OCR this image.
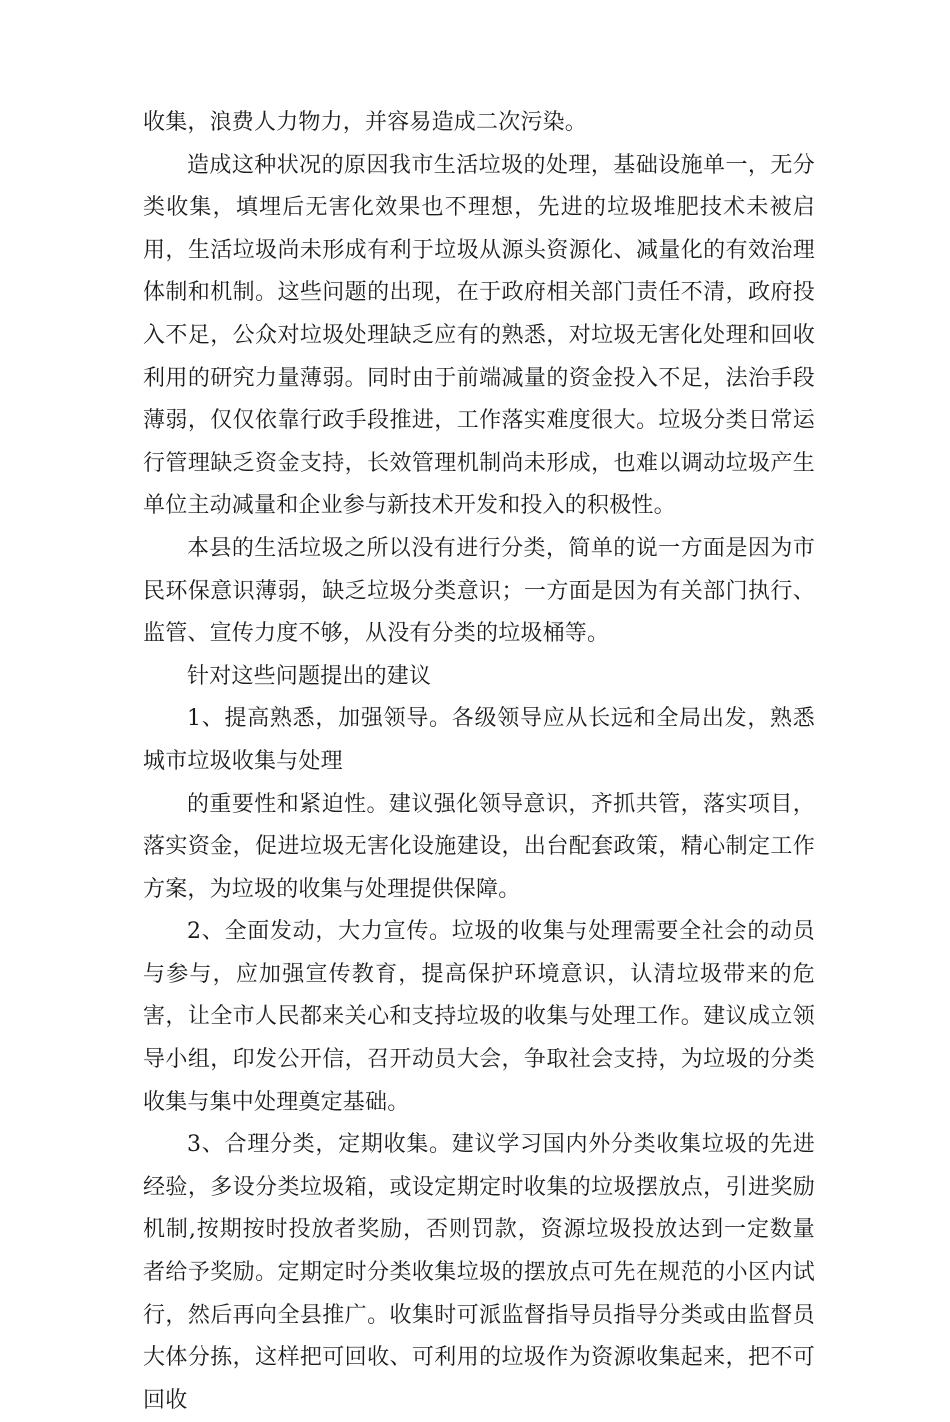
收集，浪费人力物力，并容易造成二次污染。

造成这种状况的原因我市生活垃圾的处理，基础设施单一，无分类收集，填埋后无害化效果也不理想，先进的垃圾堆肥技术未被启用，生活垃圾尚未形成有利于垃圾从源头资源化、减量化的有效治理体制和机制。这些问题的出现，在于政府相关部门责任不清，政府投入不足，公众对垃圾处理缺乏应有的熟悉，对垃圾无害化处理和回收利用的研究力量薄弱。同时由于前端减量的资金投入不足，法治手段薄弱，仅仅依靠行政手段推进，工作落实难度很大。垃圾分类日常运行管理缺乏资金支持，长效管理机制尚未形成，也难以调动垃圾产生单位主动减量和企业参与新技术开发和投入的积极性。

本县的生活垃圾之所以没有进行分类，简单的说一方面是因为市民环保意识薄弱，缺乏垃圾分类意识；一方面是因为有关部门执行、监管、宣传力度不够，从没有分类的垃圾桶等。

针对这些问题提出的建议

1、提高熟悉，加强领导。各级领导应从长远和全局出发，熟悉城市垃圾收集与处理

的重要性和紧迫性。建议强化领导意识，齐抓共管，落实项目，落实资金，促进垃圾无害化设施建设，出台配套政策，精心制定工作方案，为垃圾的收集与处理提供保障。

2、全面发动，大力宣传。垃圾的收集与处理需要全社会的动员与参与，应加强宣传教育，提高保护环境意识，认清垃圾带来的危害，让全市人民都来关心和支持垃圾的收集与处理工作。建议成立领导小组，印发公开信，召开动员大会，争取社会支持，为垃圾的分类收集与集中处理奠定基础。

3、合理分类，定期收集。建议学习国内外分类收集垃圾的先进经验，多设分类垃圾箱，或设定期定时收集的垃圾摆放点，引进奖励机制,按期按时投放者奖励，否则罚款，资源垃圾投放达到一定数量者给予奖励。定期定时分类收集垃圾的摆放点可先在规范的小区内试行，然后再向全县推广。收集时可派监督指导员指导分类或由监督员大体分拣，这样把可回收、可利用的垃圾作为资源收集起来，把不可回收
